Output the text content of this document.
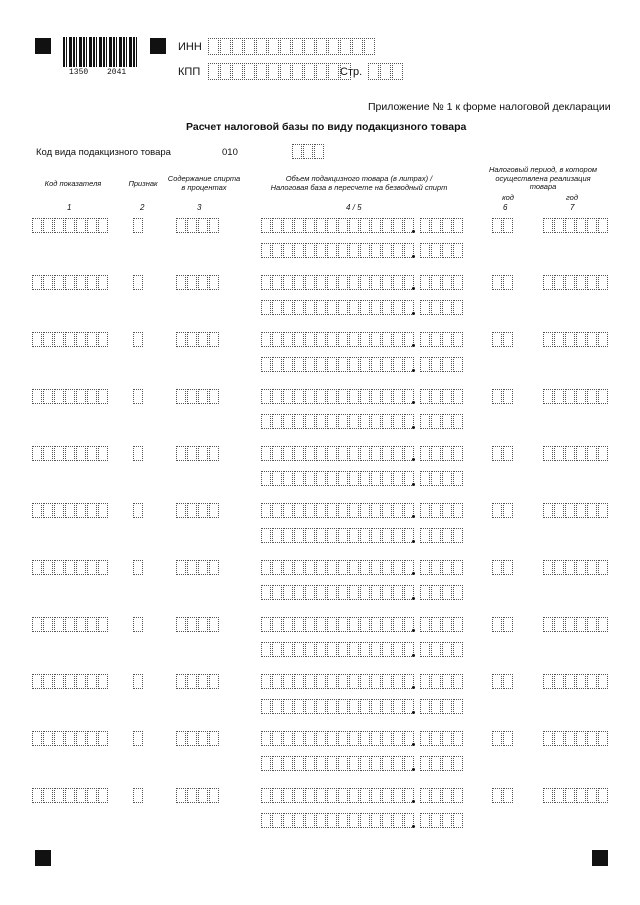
1350 2041
ИНН
КПП	Стр.
Приложение № 1 к форме налоговой декларации
Расчет налоговой базы по виду подакцизного товара
Код вида подакцизного товара	010
Код показателя	Признак
Содержание спирта
в процентах
Объем подакцизного товара (в литрах) /
Налоговая база в пересчете на безводный спирт
Налоговый период, в котором
осуществлена реализация
товара
код	год
1	2	3	4 / 5	6	7
